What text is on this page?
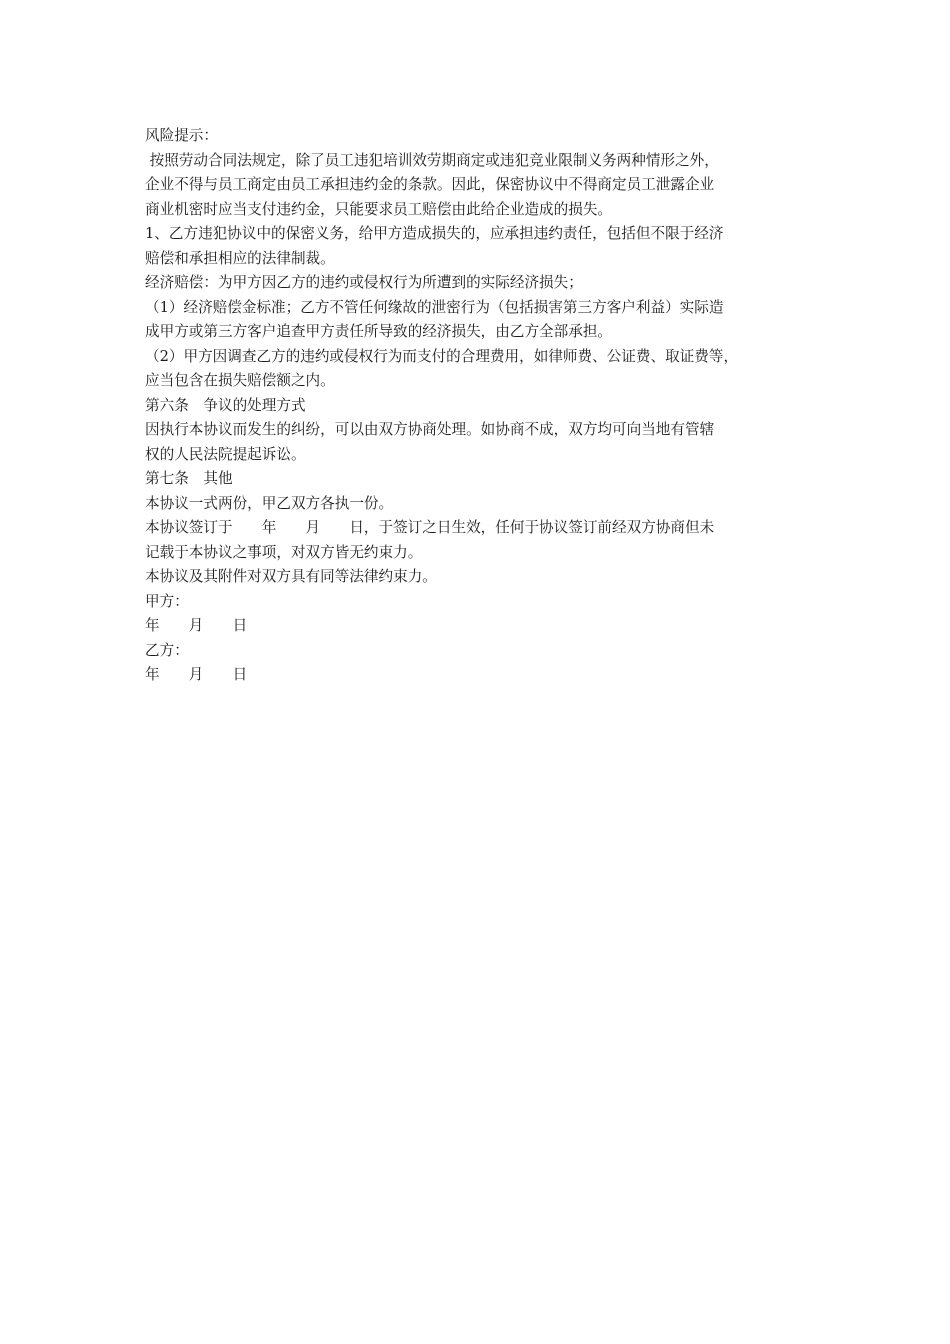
风险提示：
按照劳动合同法规定，除了员工违犯培训效劳期商定或违犯竞业限制义务两种情形之外，
企业不得与员工商定由员工承担违约金的条款。因此，保密协议中不得商定员工泄露企业
商业机密时应当支付违约金，只能要求员工赔偿由此给企业造成的损失。
1、乙方违犯协议中的保密义务，给甲方造成损失的，应承担违约责任，包括但不限于经济
赔偿和承担相应的法律制裁。
经济赔偿：为甲方因乙方的违约或侵权行为所遭到的实际经济损失；
（1）经济赔偿金标准；乙方不管任何缘故的泄密行为（包括损害第三方客户利益）实际造
成甲方或第三方客户追查甲方责任所导致的经济损失，由乙方全部承担。
（2）甲方因调查乙方的违约或侵权行为而支付的合理费用，如律师费、公证费、取证费等，
应当包含在损失赔偿额之内。
第六条　争议的处理方式
因执行本协议而发生的纠纷，可以由双方协商处理。如协商不成，双方均可向当地有管辖
权的人民法院提起诉讼。
第七条　其他
本协议一式两份，甲乙双方各执一份。
本协议签订于　　年　　月　　日，于签订之日生效，任何于协议签订前经双方协商但未
记载于本协议之事项，对双方皆无约束力。
本协议及其附件对双方具有同等法律约束力。
甲方：
年　　月　　日
乙方：
年　　月　　日
